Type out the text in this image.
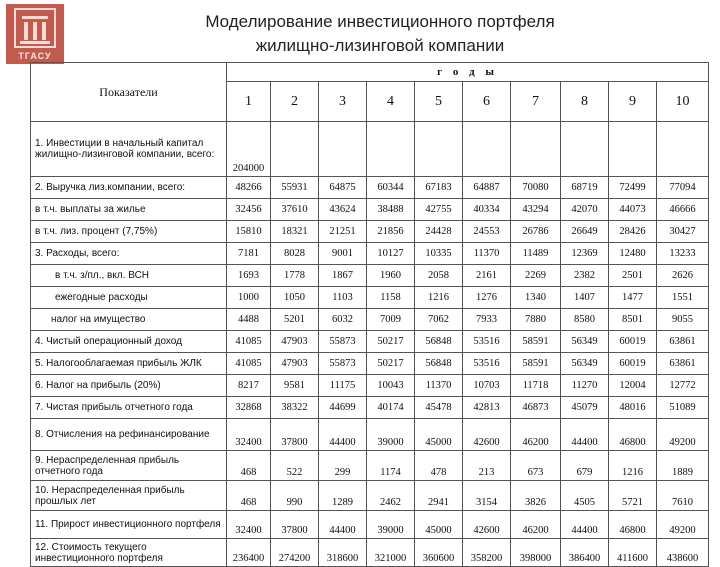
ТГАСУ
Моделирование инвестиционного портфеля
жилищно-лизинговой компании
Показатели	г о д ы									
	1	2	3	4	5	6	7	8	9	10
1. Инвестиции в начальный капитал жилищно-лизинговой компании, всего:	204000									
2. Выручка лиз.компании, всего:	48266	55931	64875	60344	67183	64887	70080	68719	72499	77094
в т.ч. выплаты за жилье	32456	37610	43624	38488	42755	40334	43294	42070	44073	46666
в т.ч. лиз. процент (7,75%)	15810	18321	21251	21856	24428	24553	26786	26649	28426	30427
3. Расходы, всего:	7181	8028	9001	10127	10335	11370	11489	12369	12480	13233
в т.ч. з/пл., вкл. ВСН	1693	1778	1867	1960	2058	2161	2269	2382	2501	2626
ежегодные расходы	1000	1050	1103	1158	1216	1276	1340	1407	1477	1551
налог на имущество	4488	5201	6032	7009	7062	7933	7880	8580	8501	9055
4. Чистый операционный доход	41085	47903	55873	50217	56848	53516	58591	56349	60019	63861
5. Налогооблагаемая прибыль ЖЛК	41085	47903	55873	50217	56848	53516	58591	56349	60019	63861
6. Налог на прибыль (20%)	8217	9581	11175	10043	11370	10703	11718	11270	12004	12772
7. Чистая прибыль отчетного года	32868	38322	44699	40174	45478	42813	46873	45079	48016	51089
8. Отчисления на рефинансирование	32400	37800	44400	39000	45000	42600	46200	44400	46800	49200
9. Нераспределенная прибыль отчетного года	468	522	299	1174	478	213	673	679	1216	1889
10. Нераспределенная прибыль прошлых лет	468	990	1289	2462	2941	3154	3826	4505	5721	7610
11. Прирост инвестиционного портфеля	32400	37800	44400	39000	45000	42600	46200	44400	46800	49200
12. Стоимость текущего инвестиционного портфеля	236400	274200	318600	321000	360600	358200	398000	386400	411600	438600
